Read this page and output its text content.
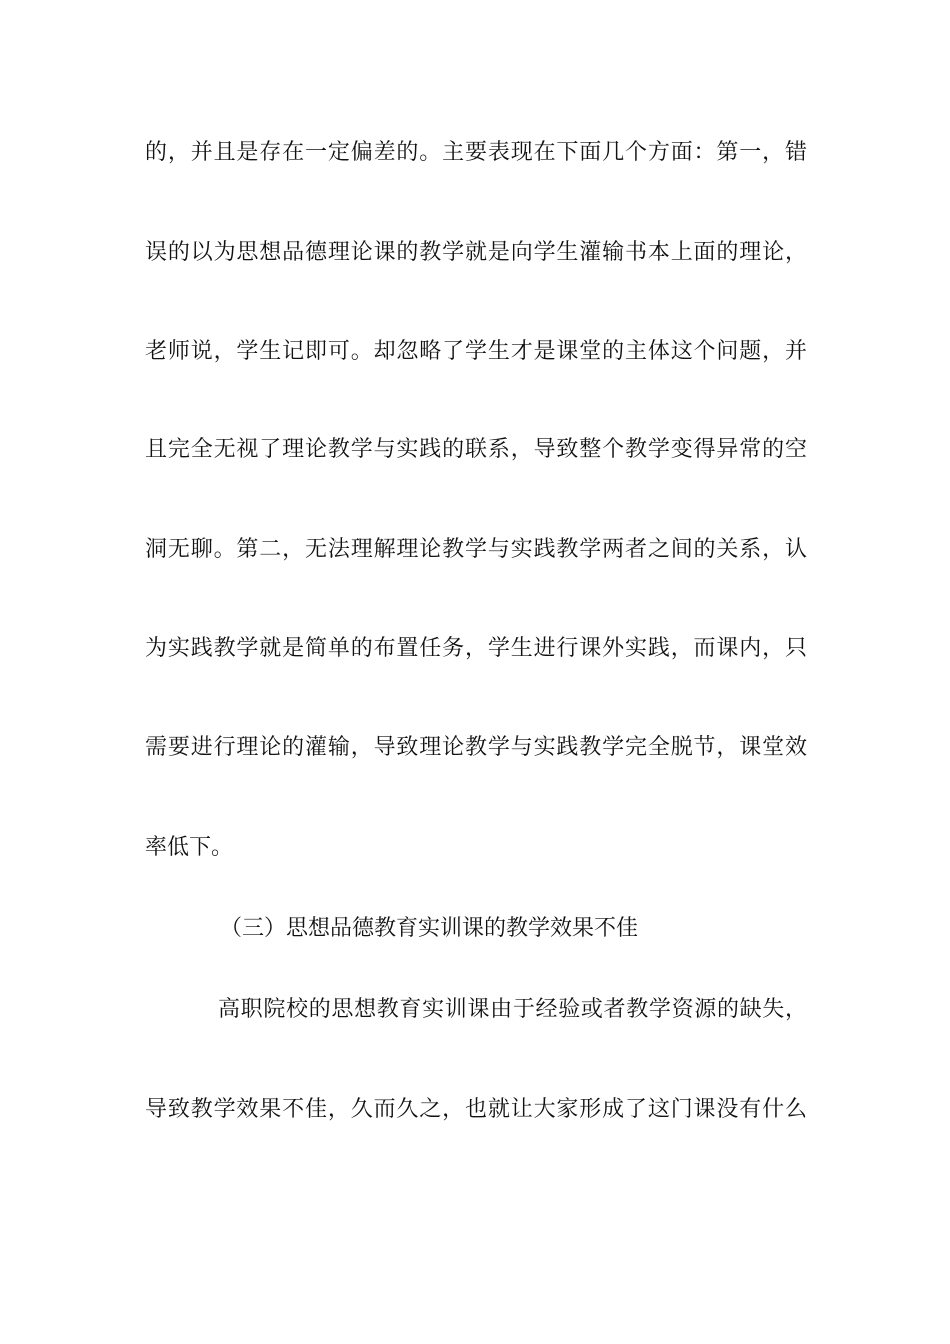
的，并且是存在一定偏差的。主要表现在下面几个方面：第一，错
误的以为思想品德理论课的教学就是向学生灌输书本上面的理论，
老师说，学生记即可。却忽略了学生才是课堂的主体这个问题，并
且完全无视了理论教学与实践的联系，导致整个教学变得异常的空
洞无聊。第二，无法理解理论教学与实践教学两者之间的关系，认
为实践教学就是简单的布置任务，学生进行课外实践，而课内，只
需要进行理论的灌输，导致理论教学与实践教学完全脱节，课堂效
率低下。
（三）思想品德教育实训课的教学效果不佳
高职院校的思想教育实训课由于经验或者教学资源的缺失，
导致教学效果不佳，久而久之，也就让大家形成了这门课没有什么
